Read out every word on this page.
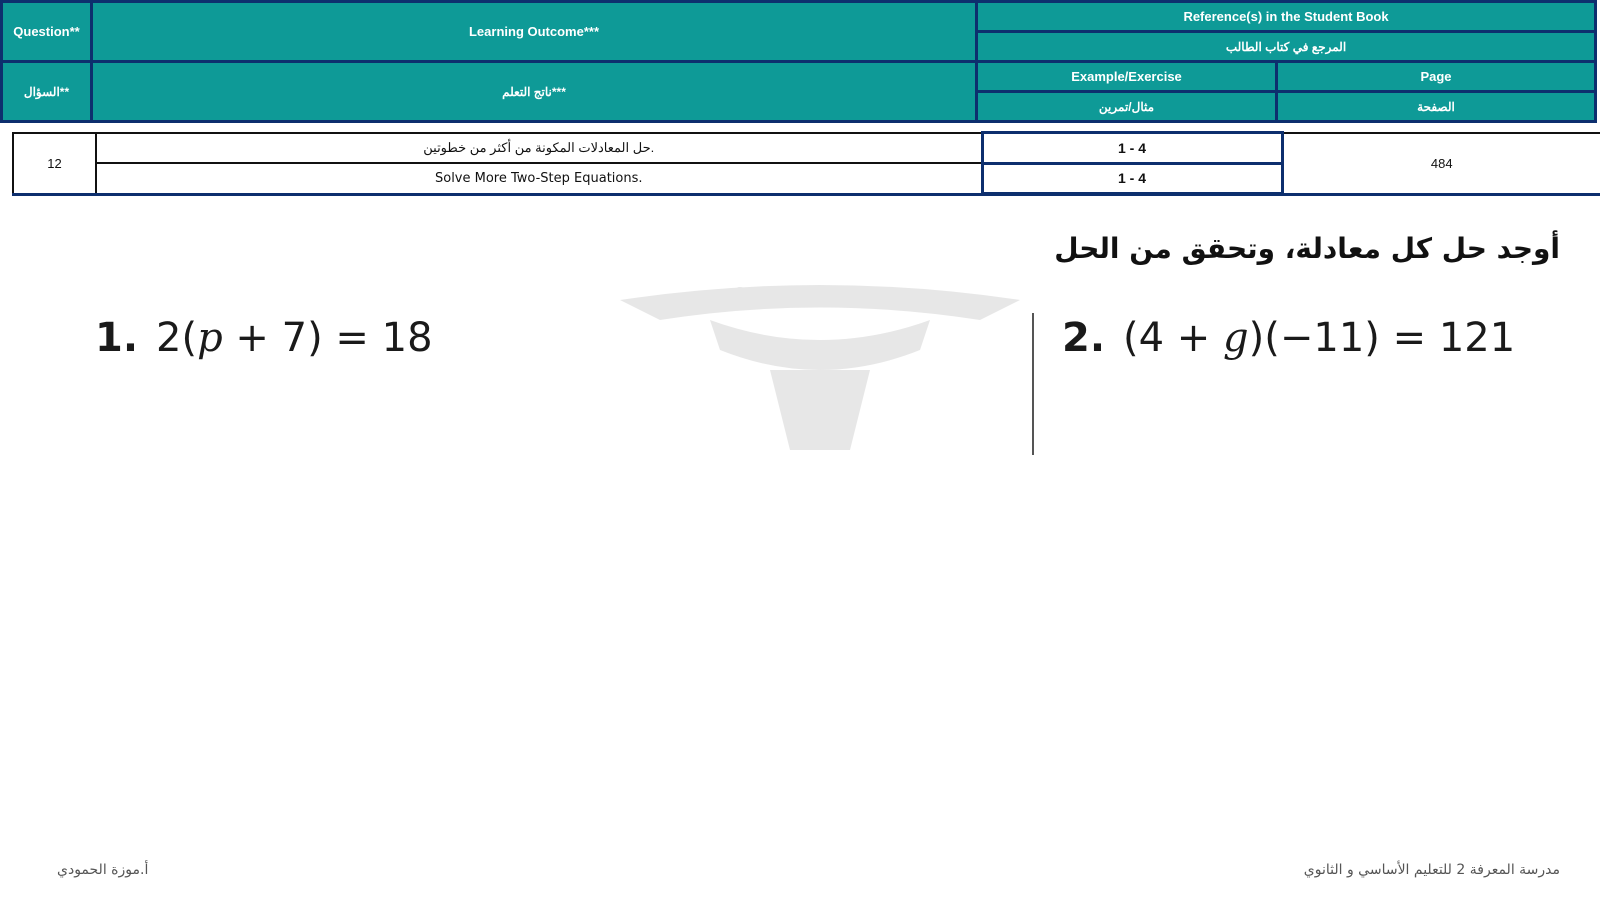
Question**	Learning Outcome***	Reference(s) in the Student Book	
		المرجع في كتاب الطالب	
السؤال**	ناتج التعلم***	Example/Exercise	Page
		مثال/تمرين	الصفحة
12	حل المعادلات المكونة من أكثر من خطوتين.	1 - 4	484
	Solve More Two-Step Equations.	1 - 4	
أوجد حل كل معادلة، وتحقق من الحل
1. 2(p + 7) = 18	2. (4 + g)(−11) = 121
أ.موزة الحمودي	مدرسة المعرفة 2 للتعليم الأساسي و الثانوي
